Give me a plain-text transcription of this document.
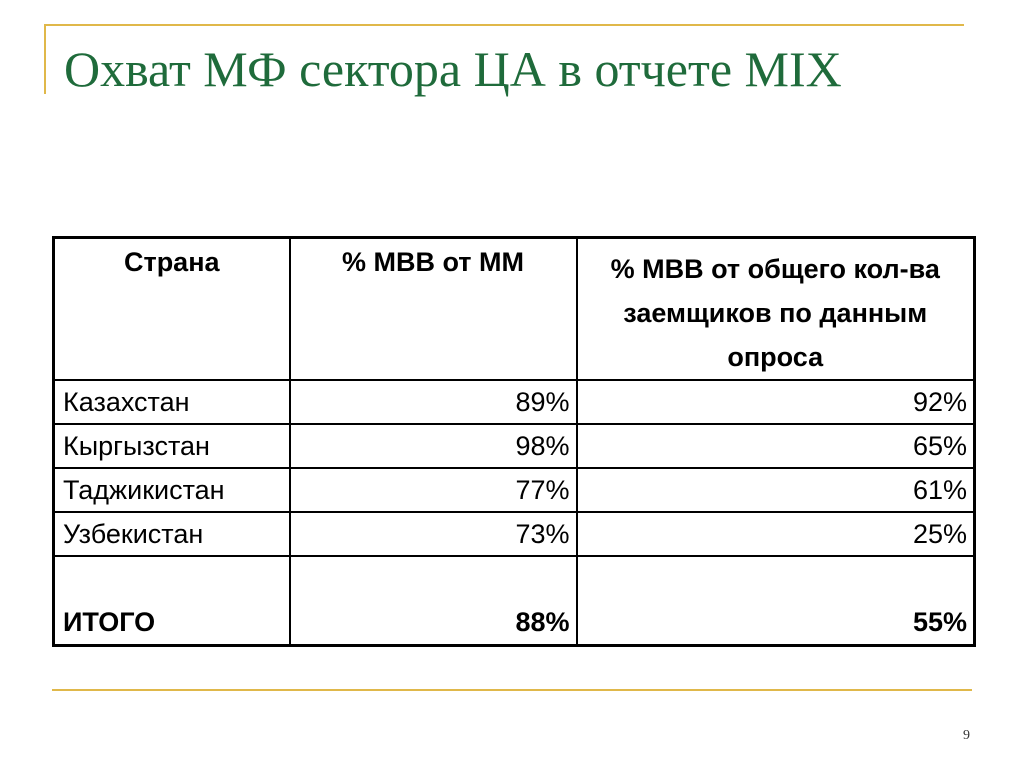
Охват МФ сектора ЦА в отчете MIX
Страна	% МВВ от ММ	% МВВ от общего кол-ва заемщиков по данным опроса

Казахстан	89%	92%
Кыргызстан	98%	65%
Таджикистан	77%	61%
Узбекистан	73%	25%
ИТОГО	88%	55%
9
